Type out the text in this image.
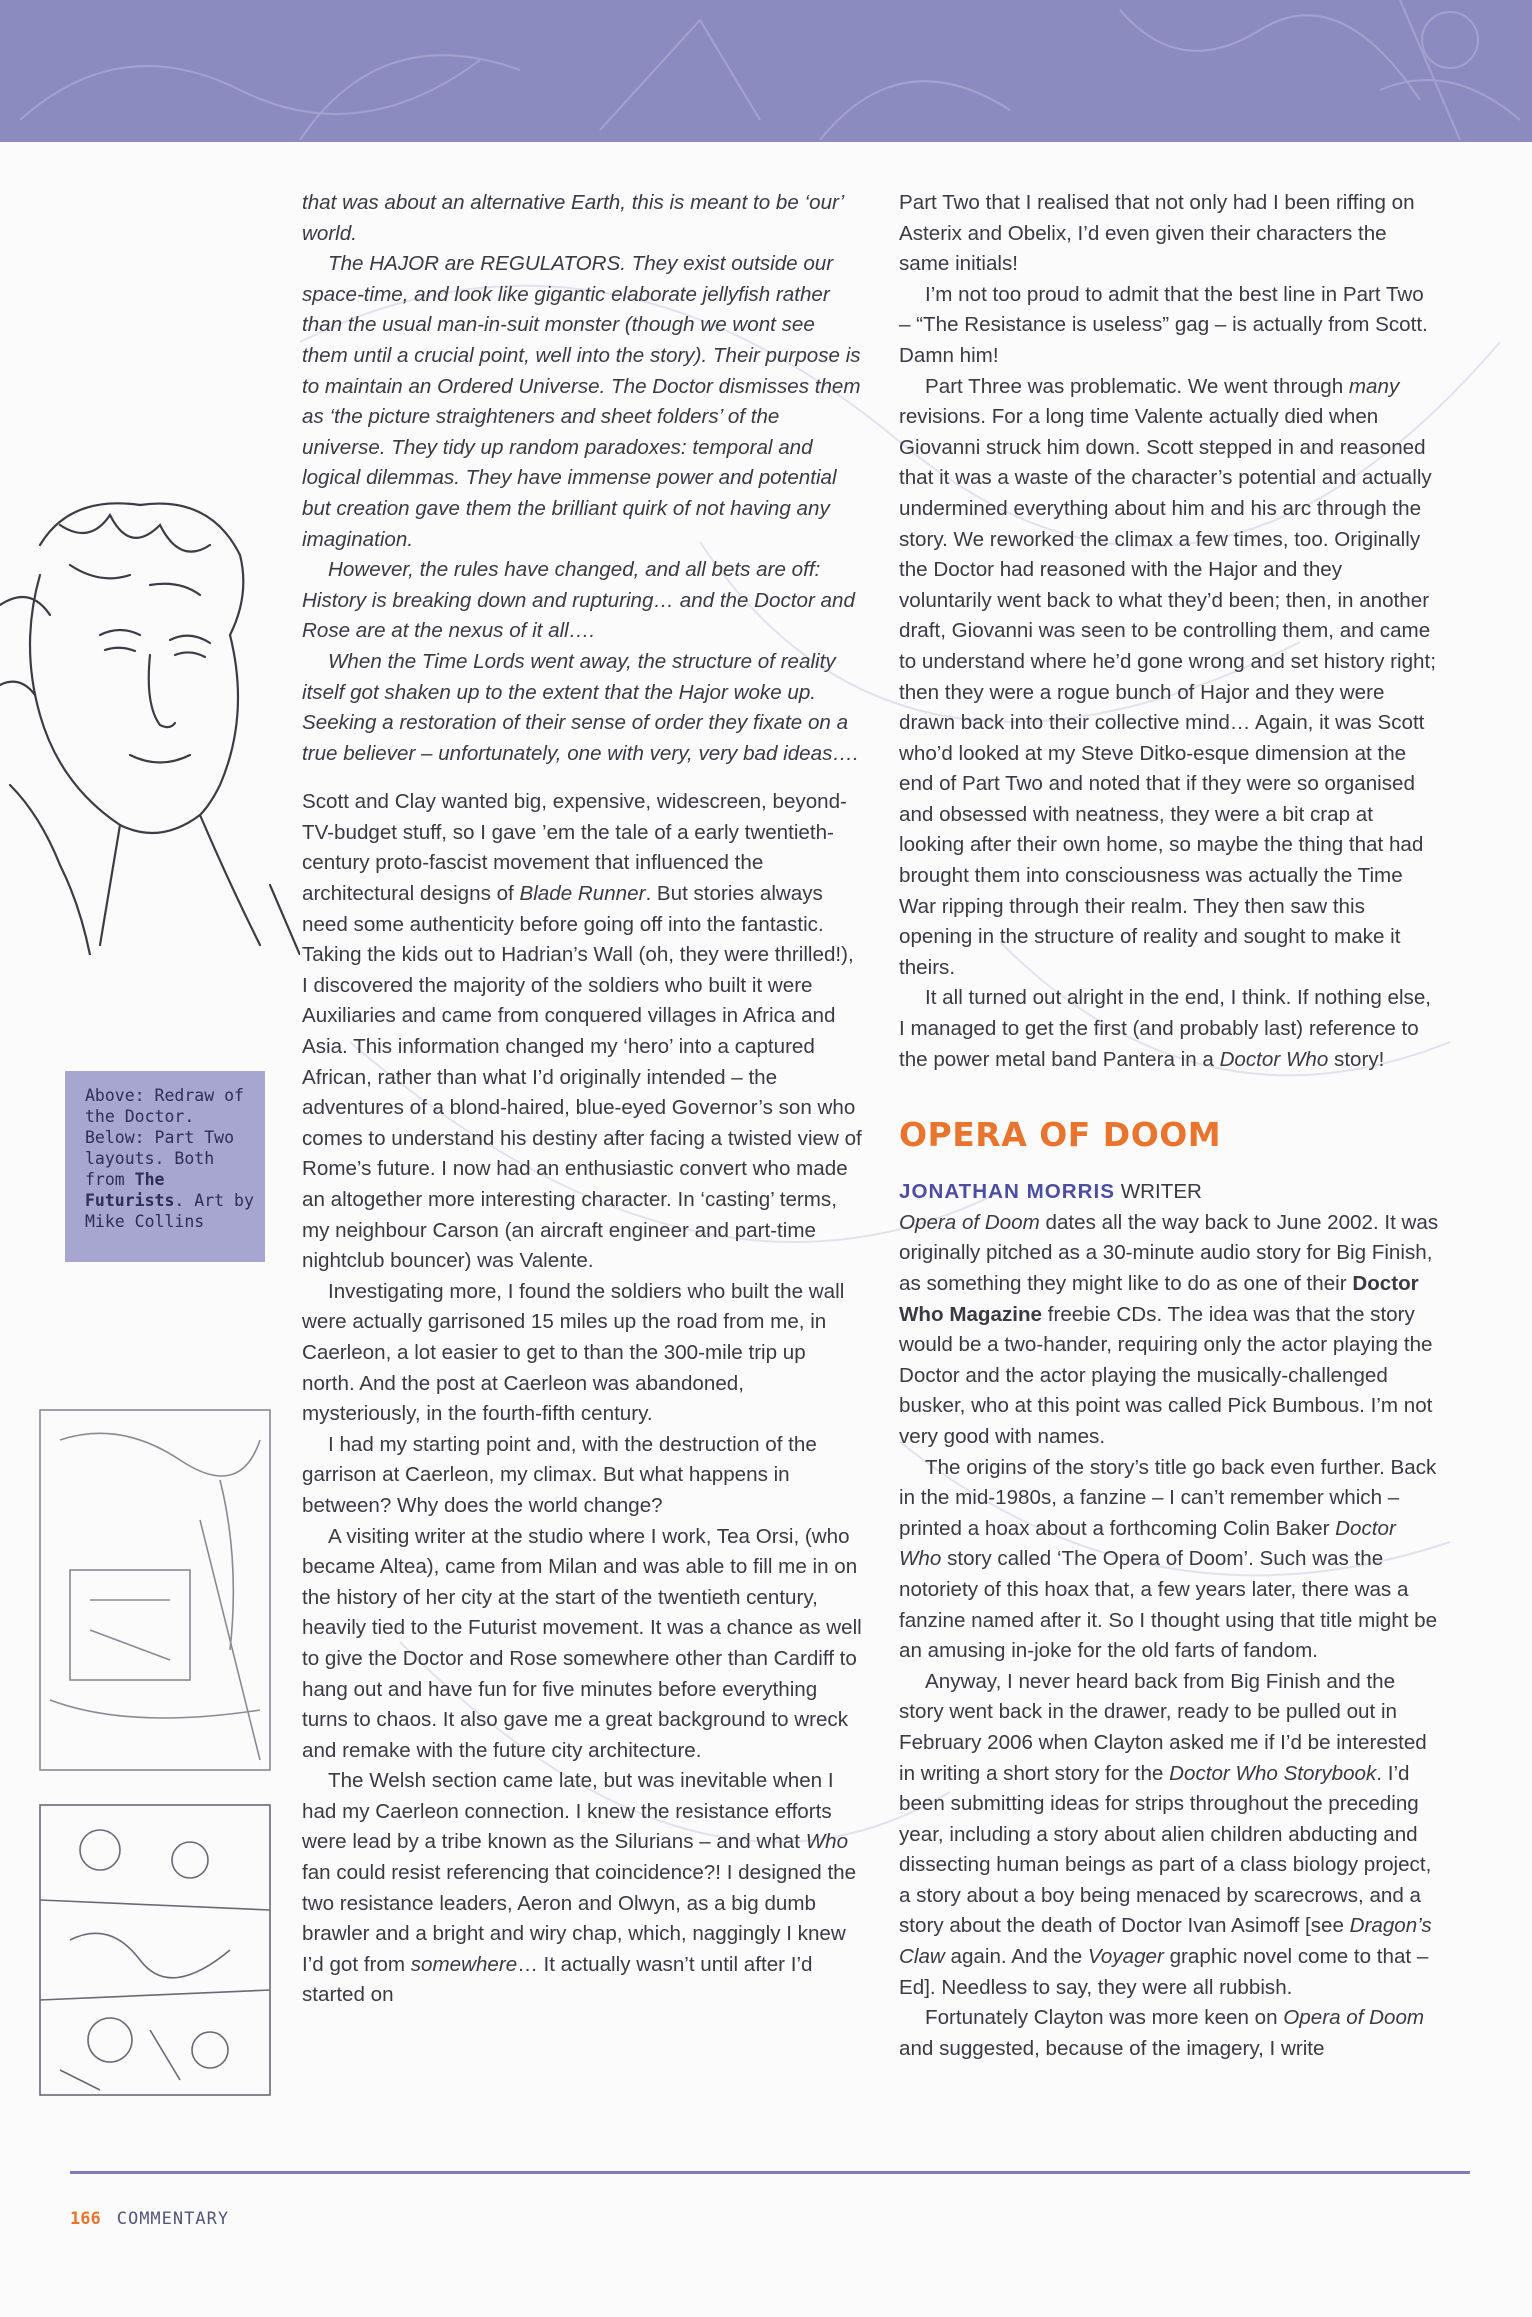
Above: Redraw of the Doctor. Below: Part Two layouts. Both from The Futurists. Art by Mike Collins

that was about an alternative Earth, this is meant to be ‘our’ world.

The HAJOR are REGULATORS. They exist outside our space-time, and look like gigantic elaborate jellyfish rather than the usual man-in-suit monster (though we wont see them until a crucial point, well into the story). Their purpose is to maintain an Ordered Universe. The Doctor dismisses them as ‘the picture straighteners and sheet folders’ of the universe. They tidy up random paradoxes: temporal and logical dilemmas. They have immense power and potential but creation gave them the brilliant quirk of not having any imagination.

However, the rules have changed, and all bets are off: History is breaking down and rupturing… and the Doctor and Rose are at the nexus of it all….

When the Time Lords went away, the structure of reality itself got shaken up to the extent that the Hajor woke up. Seeking a restoration of their sense of order they fixate on a true believer – unfortunately, one with very, very bad ideas….

Scott and Clay wanted big, expensive, widescreen, beyond-TV-budget stuff, so I gave ’em the tale of a early twentieth-century proto-fascist movement that influenced the architectural designs of Blade Runner. But stories always need some authenticity before going off into the fantastic. Taking the kids out to Hadrian’s Wall (oh, they were thrilled!), I discovered the majority of the soldiers who built it were Auxiliaries and came from conquered villages in Africa and Asia. This information changed my ‘hero’ into a captured African, rather than what I’d originally intended – the adventures of a blond-haired, blue-eyed Governor’s son who comes to understand his destiny after facing a twisted view of Rome’s future. I now had an enthusiastic convert who made an altogether more interesting character. In ‘casting’ terms, my neighbour Carson (an aircraft engineer and part-time nightclub bouncer) was Valente.

Investigating more, I found the soldiers who built the wall were actually garrisoned 15 miles up the road from me, in Caerleon, a lot easier to get to than the 300-mile trip up north. And the post at Caerleon was abandoned, mysteriously, in the fourth-fifth century.

I had my starting point and, with the destruction of the garrison at Caerleon, my climax. But what happens in between? Why does the world change?

A visiting writer at the studio where I work, Tea Orsi, (who became Altea), came from Milan and was able to fill me in on the history of her city at the start of the twentieth century, heavily tied to the Futurist movement. It was a chance as well to give the Doctor and Rose somewhere other than Cardiff to hang out and have fun for five minutes before everything turns to chaos. It also gave me a great background to wreck and remake with the future city architecture.

The Welsh section came late, but was inevitable when I had my Caerleon connection. I knew the resistance efforts were lead by a tribe known as the Silurians – and what Who fan could resist referencing that coincidence?! I designed the two resistance leaders, Aeron and Olwyn, as a big dumb brawler and a bright and wiry chap, which, naggingly I knew I’d got from somewhere… It actually wasn’t until after I’d started on

Part Two that I realised that not only had I been riffing on Asterix and Obelix, I’d even given their characters the same initials!

I’m not too proud to admit that the best line in Part Two – “The Resistance is useless” gag – is actually from Scott. Damn him!

Part Three was problematic. We went through many revisions. For a long time Valente actually died when Giovanni struck him down. Scott stepped in and reasoned that it was a waste of the character’s potential and actually undermined everything about him and his arc through the story. We reworked the climax a few times, too. Originally the Doctor had reasoned with the Hajor and they voluntarily went back to what they’d been; then, in another draft, Giovanni was seen to be controlling them, and came to understand where he’d gone wrong and set history right; then they were a rogue bunch of Hajor and they were drawn back into their collective mind… Again, it was Scott who’d looked at my Steve Ditko-esque dimension at the end of Part Two and noted that if they were so organised and obsessed with neatness, they were a bit crap at looking after their own home, so maybe the thing that had brought them into consciousness was actually the Time War ripping through their realm. They then saw this opening in the structure of reality and sought to make it theirs.

It all turned out alright in the end, I think. If nothing else, I managed to get the first (and probably last) reference to the power metal band Pantera in a Doctor Who story!

OPERA OF DOOM

JONATHAN MORRIS WRITER

Opera of Doom dates all the way back to June 2002. It was originally pitched as a 30-minute audio story for Big Finish, as something they might like to do as one of their Doctor Who Magazine freebie CDs. The idea was that the story would be a two-hander, requiring only the actor playing the Doctor and the actor playing the musically-challenged busker, who at this point was called Pick Bumbous. I’m not very good with names.

The origins of the story’s title go back even further. Back in the mid-1980s, a fanzine – I can’t remember which – printed a hoax about a forthcoming Colin Baker Doctor Who story called ‘The Opera of Doom’. Such was the notoriety of this hoax that, a few years later, there was a fanzine named after it. So I thought using that title might be an amusing in-joke for the old farts of fandom.

Anyway, I never heard back from Big Finish and the story went back in the drawer, ready to be pulled out in February 2006 when Clayton asked me if I’d be interested in writing a short story for the Doctor Who Storybook. I’d been submitting ideas for strips throughout the preceding year, including a story about alien children abducting and dissecting human beings as part of a class biology project, a story about a boy being menaced by scarecrows, and a story about the death of Doctor Ivan Asimoff [see Dragon’s Claw again. And the Voyager graphic novel come to that – Ed]. Needless to say, they were all rubbish.

Fortunately Clayton was more keen on Opera of Doom and suggested, because of the imagery, I write

166 COMMENTARY
